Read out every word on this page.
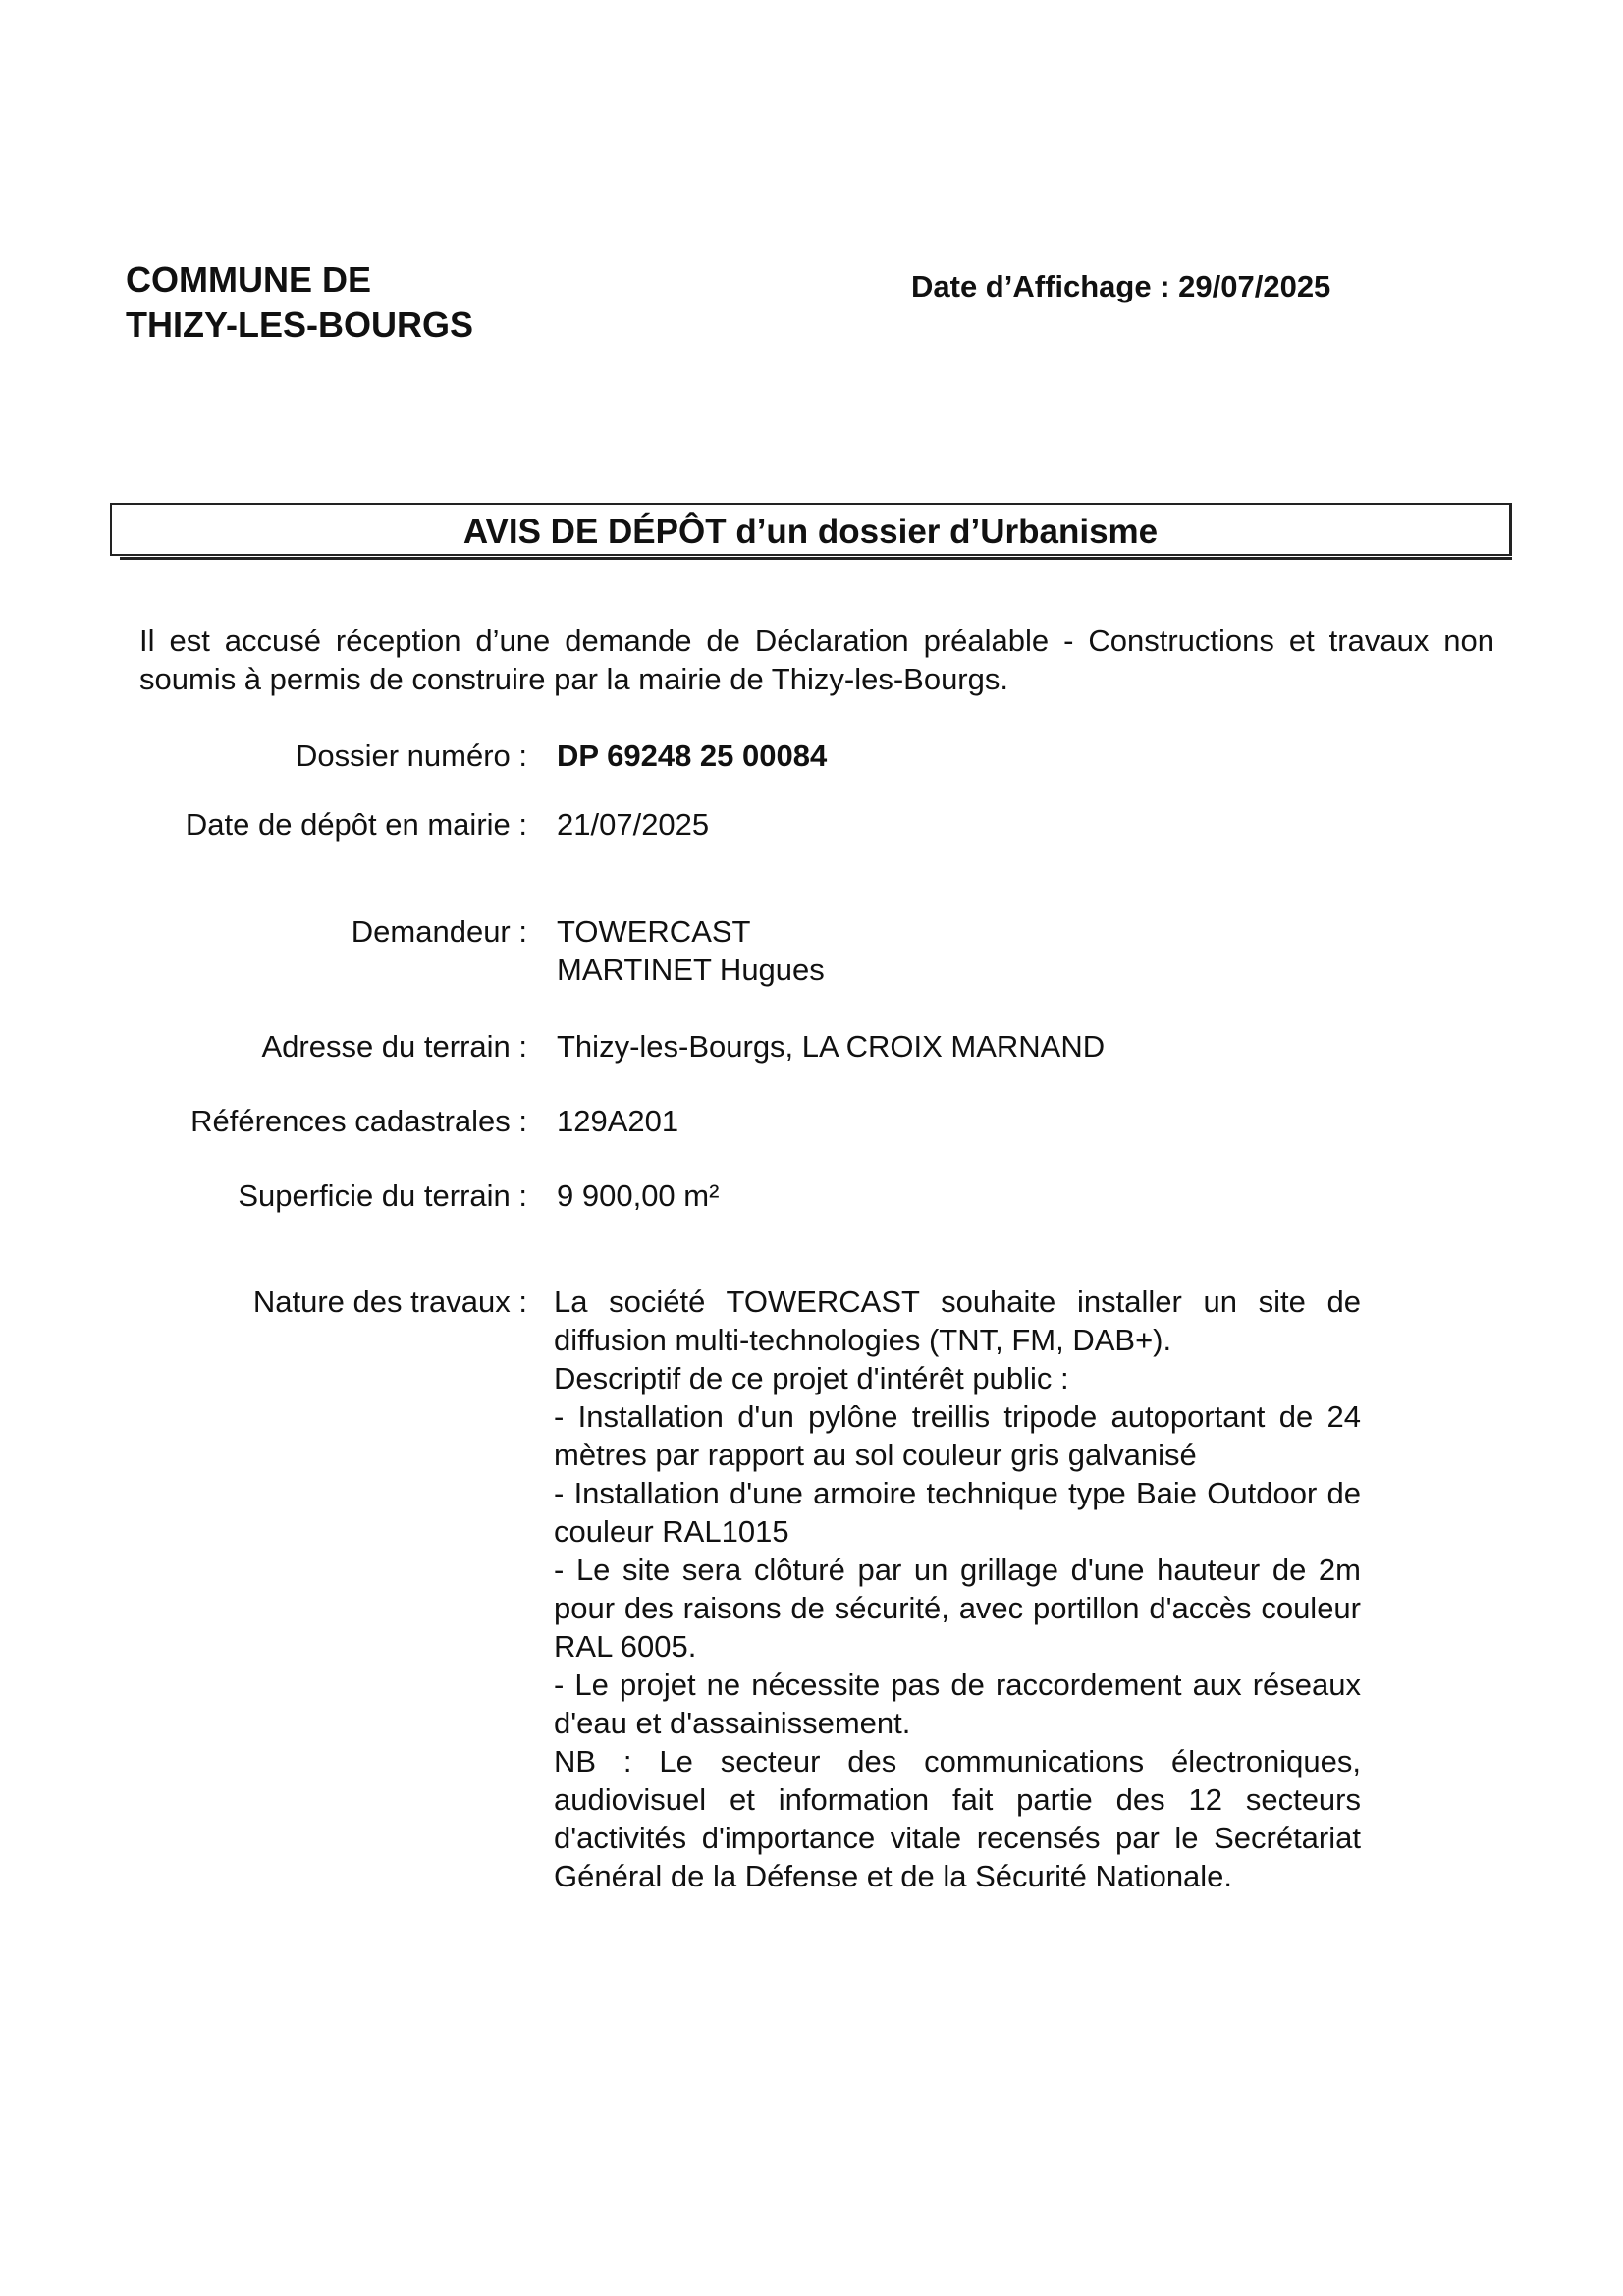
COMMUNE DE
THIZY-LES-BOURGS
Date d’Affichage : 29/07/2025
AVIS DE DÉPÔT d’un dossier d’Urbanisme
Il est accusé réception d’une demande de Déclaration préalable - Constructions et travaux non soumis à permis de construire par la mairie de Thizy-les-Bourgs.
Dossier numéro : DP 69248 25 00084
Date de dépôt en mairie : 21/07/2025
Demandeur : TOWERCAST
MARTINET Hugues
Adresse du terrain : Thizy-les-Bourgs, LA CROIX MARNAND
Références cadastrales : 129A201
Superficie du terrain : 9 900,00 m²
Nature des travaux : La société TOWERCAST souhaite installer un site de diffusion multi-technologies (TNT, FM, DAB+).

Descriptif de ce projet d'intérêt public :

- Installation d'un pylône treillis tripode autoportant de 24 mètres par rapport au sol couleur gris galvanisé

- Installation d'une armoire technique type Baie Outdoor de couleur RAL1015

- Le site sera clôturé par un grillage d'une hauteur de 2m pour des raisons de sécurité, avec portillon d'accès couleur RAL 6005.

- Le projet ne nécessite pas de raccordement aux réseaux d'eau et d'assainissement.

NB : Le secteur des communications électroniques, audiovisuel et information fait partie des 12 secteurs d'activités d'importance vitale recensés par le Secrétariat Général de la Défense et de la Sécurité Nationale.
